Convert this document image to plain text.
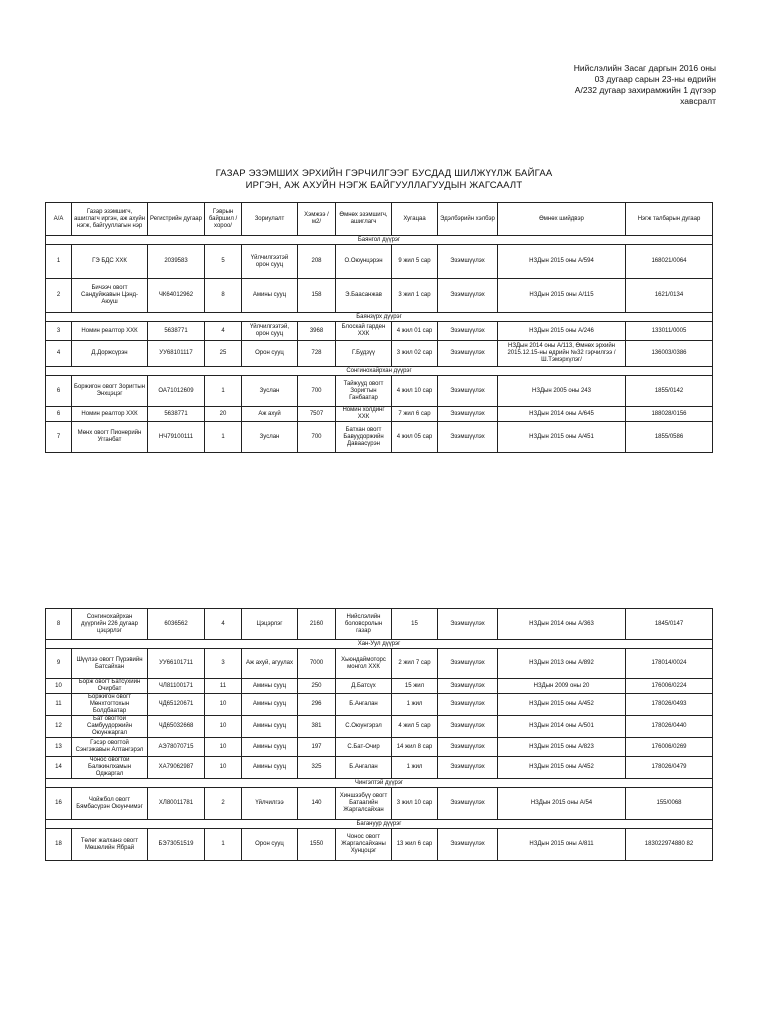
Нийслэлийн Засаг даргын 2016 оны
03 дугаар сарын 23-ны өдрийн
А/232 дугаар захирамжийн 1 дүгээр
хавсралт
ГАЗАР ЭЗЭМШИХ ЭРХИЙН ГЭРЧИЛГЭЭГ БУСДАД ШИЛЖҮҮЛЖ БАЙГАА
ИРГЭН, АЖ АХУЙН НЭГЖ БАЙГУУЛЛАГУУДЫН ЖАГСААЛТ
А/А	Газар эзэмшигч, ашиглагч иргэн, аж ахуйн нэгж, байгууллагын нэр	Регистрийн дугаар	Гэврын байршил / хороо/	Зориулалт	Хэмжээ /м2/	Өмнөх эзэмшигч, ашиглагч	Хугацаа	Эдэлбэрийн хэлбэр	Өмнөх шийдвэр	Нэгж талбарын дугаар
Баянгол дүүрэг										
1	ГЭ БДС ХХК	2039583	5	Үйлчилгээтэй орон сууц	208	О.Оюунцэрэн	9 жил 5 сар	Эзэмшүүлэх	НЗДын 2015 оны А/594	168021/0064
2	Бичээч овогт Сандуйжавын Цэнд-Аюуш	ЧК64012962	8	Амины сууц	158	Э.Баасанжав	3 жил 1 сар	Эзэмшүүлэх	НЗДын 2015 оны А/115	1621/0134
Баянзүрх дүүрэг										
3	Номин реалтор ХХК	5638771	4	Үйлчилгээтэй, орон сууц	3968	Блоскай гарден ХХК	4 жил 01 сар	Эзэмшүүлэх	НЗДын 2015 оны А/246	133011/0005
4	Д.Доржсүрэн	УУ68101117	25	Орон сууц	728	Г.Будзүү	3 жил 02 сар	Эзэмшүүлэх	НЗДын 2014 оны А/113, Өмнөх эрхийн 2015.12.15-ны өдрийн №32 гэрчилгээ /Ш.Тэмэрхүлэг/	136003/0386
Сонгинохайрхан дүүрэг										
6	Боржигон овогт Зоригтын Энхцэцэг	ОА71012609	1	Зуслан	700	Тайжууд овогт Зоригтын Ганбаатар	4 жил 10 сар	Эзэмшүүлэх	НЗДын 2005 оны 243	1855/0142
6	Номин реалтор ХХК	5638771	20	Аж ахуй	7507	Номин холдинг ХХК	7 жил 6 сар	Эзэмшүүлэх	НЗДын 2014 оны А/645	188028/0156
7	Мөнх овогт Пионерийн Угганбат	НЧ79100111	1	Зуслан	700	Батхан овогт Бавуудоржийн Даваасүрэн	4 жил 05 сар	Эзэмшүүлэх	НЗДын 2015 оны А/451	1855/0586
8	Сонгинохайрхан дүүргийн 226 дугаар цэцэрлэг	6036562	4	Цэцэрлэг	2160	Нийслэлийн боловсролын газар	15	Эзэмшүүлэх	НЗДын 2014 оны А/363	1845/0147
Хан-Уул дүүрэг										
9	Шүүлээ овогт Пүрэвийн Батсайхан	УУ66101711	3	Аж ахуй, агуулах	7000	Хьюндаймоторс монгол ХХК	2 жил 7 сар	Эзэмшүүлэх	НЗДын 2013 оны А/892	178014/0024
10	Борж овогт Батсүхийн Очирбат	ЧЛ81100171	11	Амины сууц	250	Д.Батсүх	15 жил	Эзэмшүүлэх	НЗДын 2009 оны 20	176006/0224
11	Боржигон овогт Мөнхтогтохын Болдбаатар	ЧД65120671	10	Амины сууц	296	Б.Ангалан	1 жил	Эзэмшүүлэх	НЗДын 2015 оны А/452	178026/0493
12	Бат овогтой Самбуудоржийн Оюунжаргал	ЧД65032668	10	Амины сууц	381	С.Оюунгэрэл	4 жил 5 сар	Эзэмшүүлэх	НЗДын 2014 оны А/501	178026/0440
13	Гэсэр овогтой Сэнгэжавын Алтангэрэл	АЭ78070715	10	Амины сууц	197	С.Бат-Очир	14 жил 8 сар	Эзэмшүүлэх	НЗДын 2015 оны А/823	176006/0269
14	Чонос овогтой Балжинлхамын Оджаргал	ХА79062987	10	Амины сууц	325	Б.Ангалан	1 жил	Эзэмшүүлэх	НЗДын 2015 оны А/452	178026/0479
Чингэлтэй дүүрэг										
16	Чойжбол овогт Бямбасүрэн Оюунчимэг	ХЛ80011781	2	Үйлчилгээ	140	Хиншээбүү овогт Батаагийн Жаргалсайхан	3 жил 10 сар	Эзэмшүүлэх	НЗДын 2015 оны А/54	155/0068
Багануур дүүрэг										
18	Төлөг жалханз овогт Мөшелийн Ябрай	БЭ73051519	1	Орон сууц	1550	Чонос овогт Жаргалсайханы Хунцоцэг	13 жил 6 сар	Эзэмшүүлэх	НЗДын 2015 оны А/811	183022974880 82
